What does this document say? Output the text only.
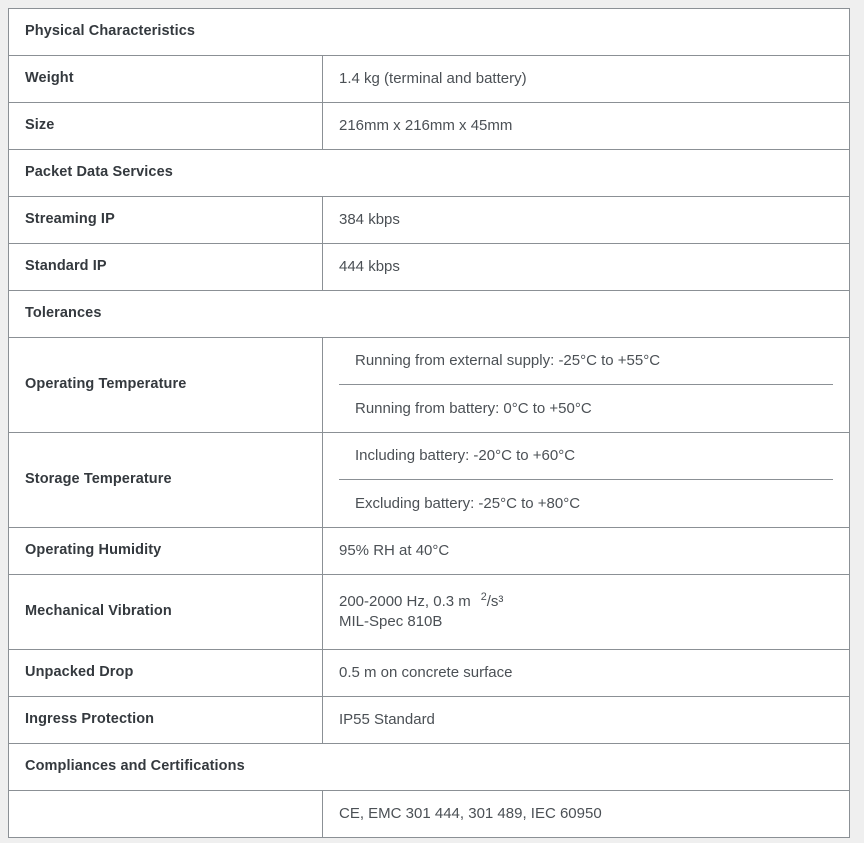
Physical Characteristics	
Weight	1.4 kg (terminal and battery)
Size	216mm x 216mm x 45mm
Packet Data Services	
Streaming IP	384 kbps
Standard IP	444 kbps
Tolerances	
Operating Temperature	Running from external supply: -25°C to +55°C
Running from battery: 0°C to +50°C

Storage Temperature	Including battery: -20°C to +60°C
Excluding battery: -25°C to +80°C

Operating Humidity	95% RH at 40°C
Mechanical Vibration	200-2000 Hz, 0.3 m $^2$/s³
MIL-Spec 810B

Unpacked Drop	0.5 m on concrete surface
Ingress Protection	IP55 Standard
Compliances and Certifications	
	CE, EMC 301 444, 301 489, IEC 60950
